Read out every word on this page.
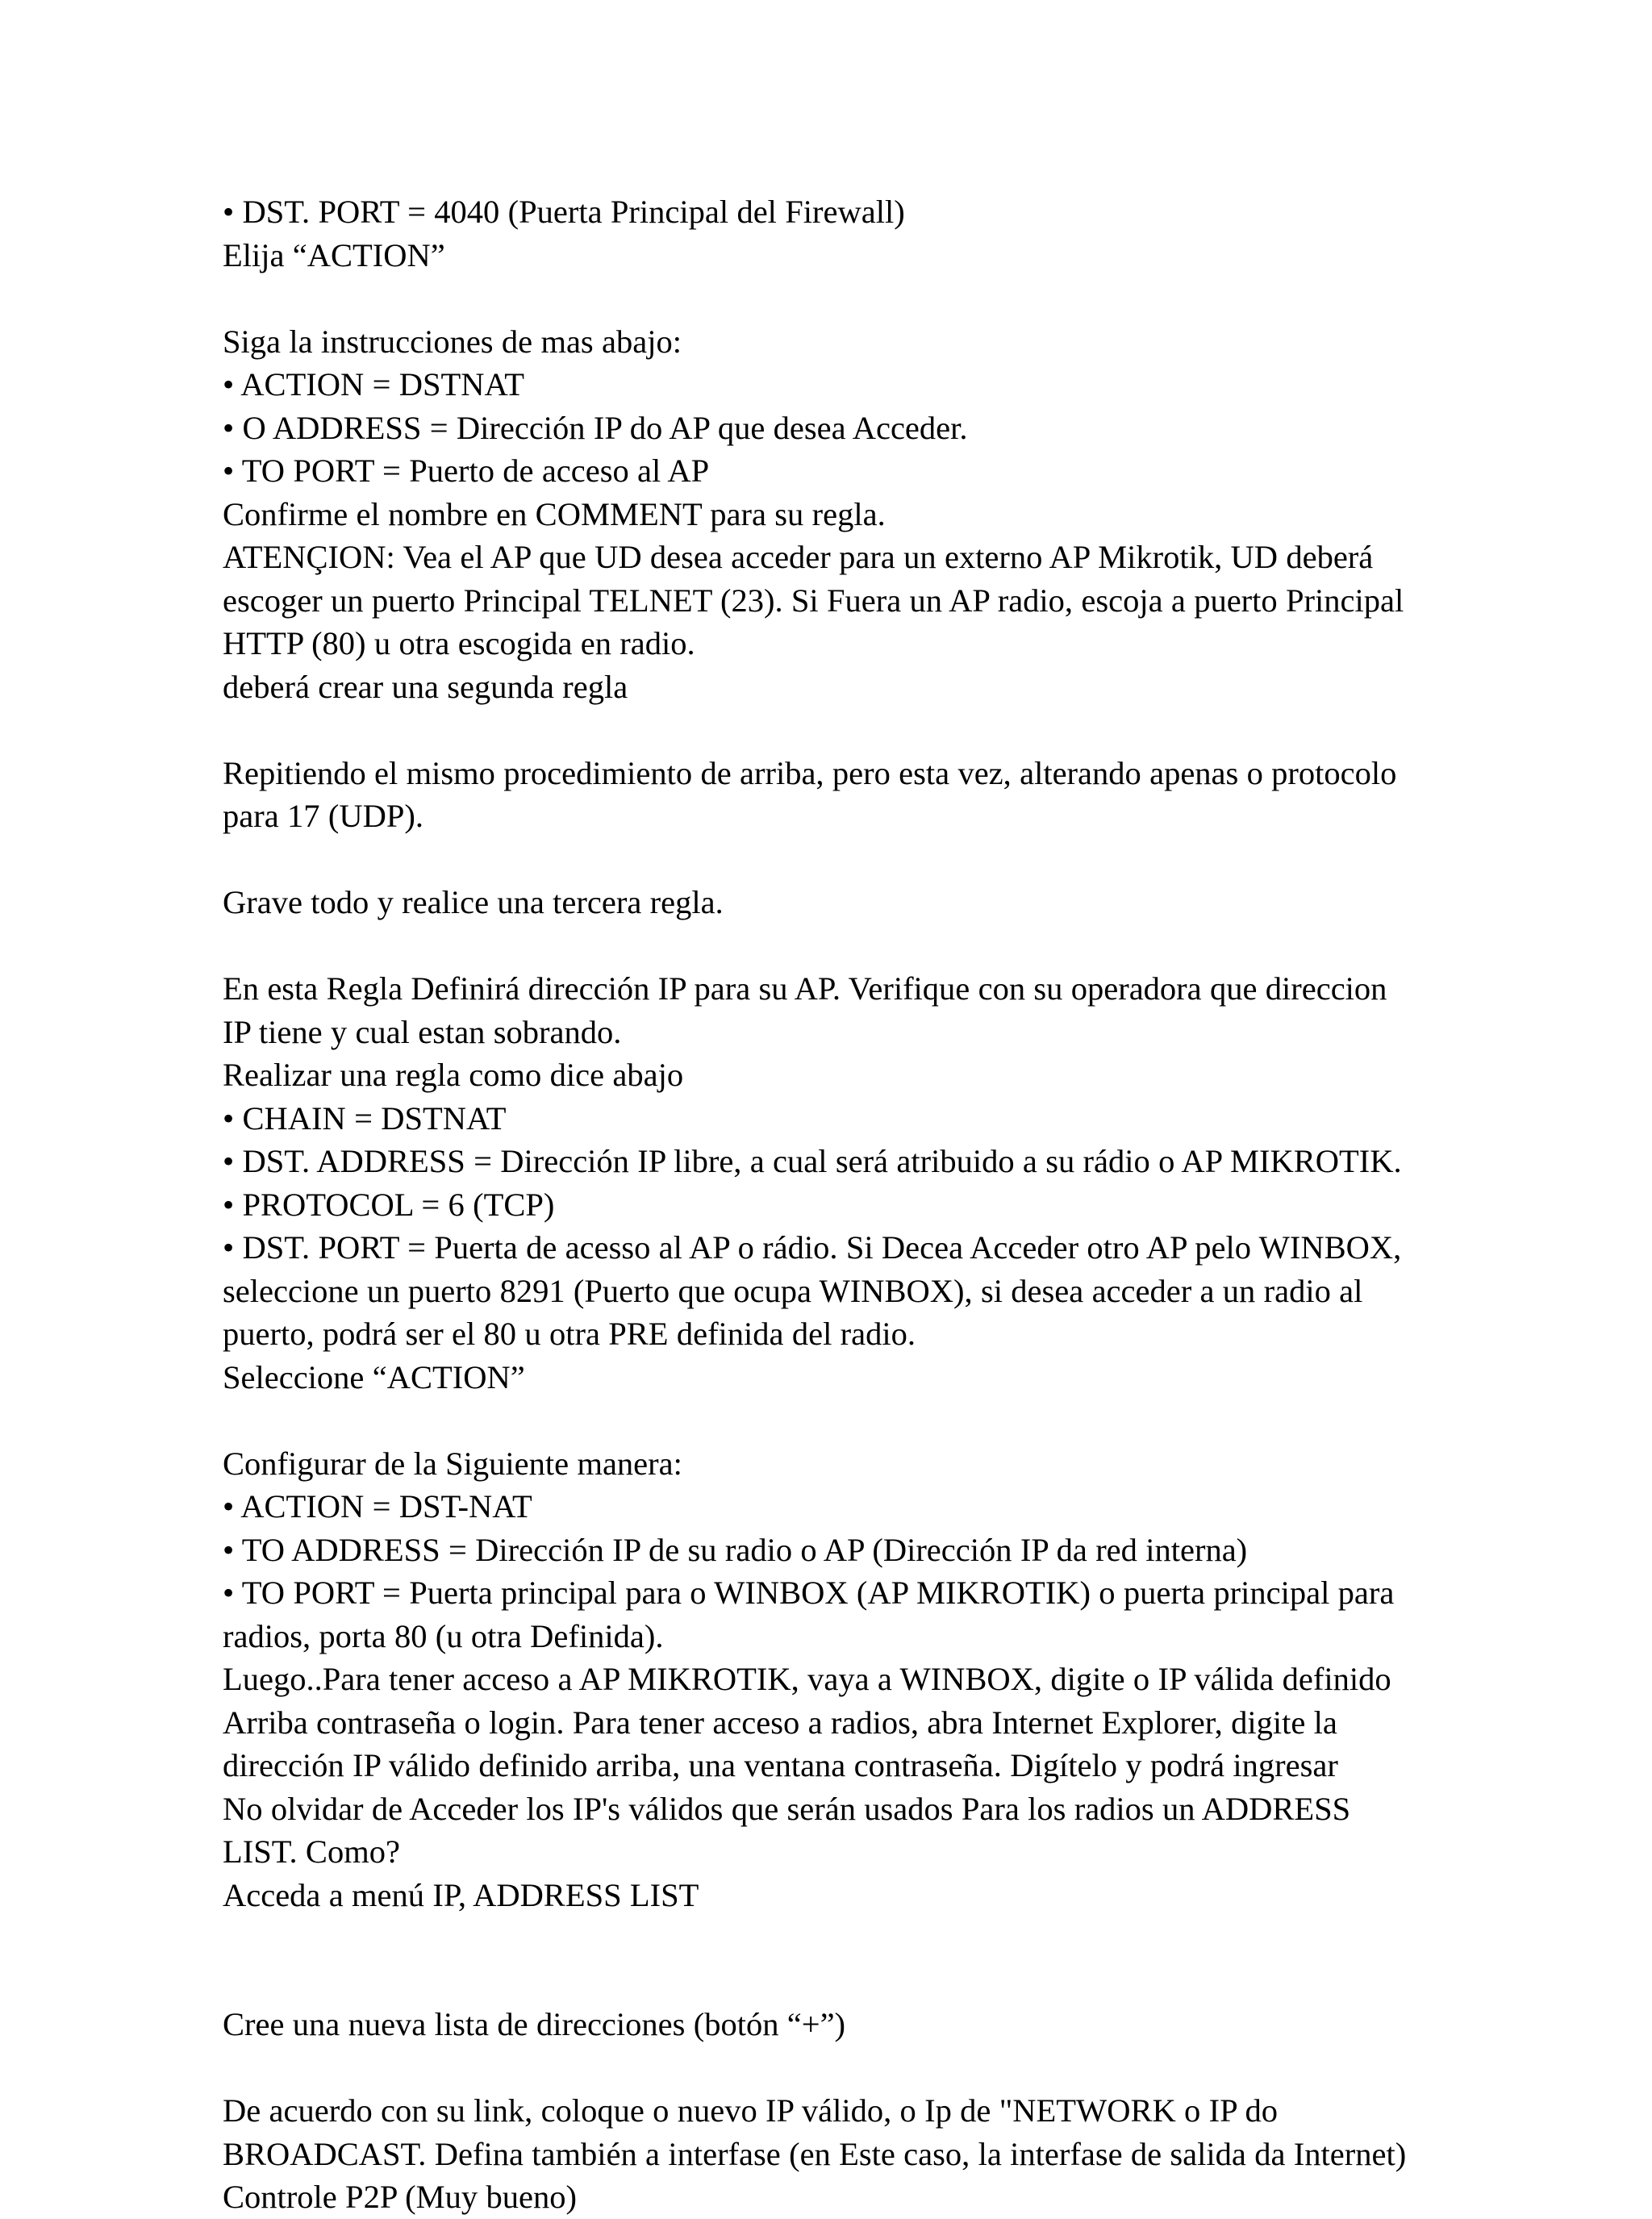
• DST. PORT = 4040 (Puerta Principal del Firewall)
Elija “ACTION”
Siga la instrucciones de mas abajo:
• ACTION = DSTNAT
• O ADDRESS = Dirección IP do AP que desea Acceder.
• TO PORT = Puerto de acceso al AP
Confirme el nombre en COMMENT para su regla.
ATENÇION: Vea el AP que UD desea acceder para un externo AP Mikrotik, UD deberá
escoger un puerto Principal TELNET (23). Si Fuera un AP radio, escoja a puerto Principal
HTTP (80) u otra escogida en radio.
deberá crear una segunda regla
Repitiendo el mismo procedimiento de arriba, pero esta vez, alterando apenas o protocolo
para 17 (UDP).
Grave todo y realice una tercera regla.
En esta Regla Definirá dirección IP para su AP. Verifique con su operadora que direccion
IP tiene y cual estan sobrando.
Realizar una regla como dice abajo
• CHAIN = DSTNAT
• DST. ADDRESS = Dirección IP libre, a cual será atribuido a su rádio o AP MIKROTIK.
• PROTOCOL = 6 (TCP)
• DST. PORT = Puerta de acesso al AP o rádio. Si Decea Acceder otro AP pelo WINBOX,
seleccione un puerto 8291 (Puerto que ocupa WINBOX), si desea acceder a un radio al
puerto, podrá ser el 80 u otra PRE definida del radio.
Seleccione “ACTION”
Configurar de la Siguiente manera:
• ACTION = DST-NAT
• TO ADDRESS = Dirección IP de su radio o AP (Dirección IP da red interna)
• TO PORT = Puerta principal para o WINBOX (AP MIKROTIK) o puerta principal para
radios, porta 80 (u otra Definida).
Luego..Para tener acceso a AP MIKROTIK, vaya a WINBOX, digite o IP válida definido
Arriba contraseña o login. Para tener acceso a radios, abra Internet Explorer, digite la
dirección IP válido definido arriba, una ventana contraseña. Digítelo y podrá ingresar
No olvidar de Acceder los IP's válidos que serán usados Para los radios un ADDRESS
LIST. Como?
Acceda a menú IP, ADDRESS LIST
Cree una nueva lista de direcciones (botón “+”)
De acuerdo con su link, coloque o nuevo IP válido, o Ip de "NETWORK o IP do
BROADCAST. Defina también a interfase (en Este caso, la interfase de salida da Internet)
Controle P2P (Muy bueno)
